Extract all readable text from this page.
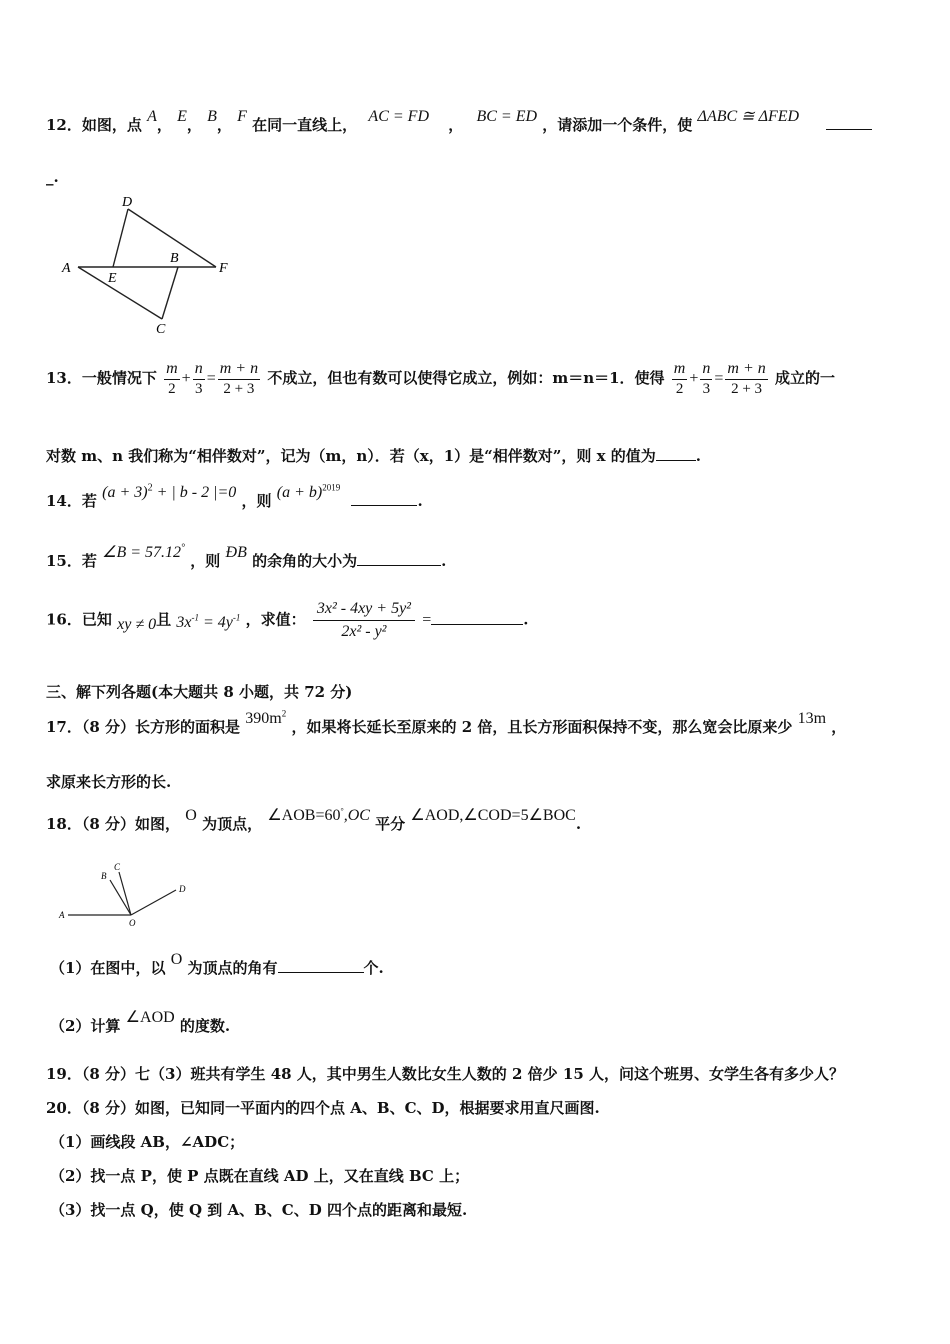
12．如图，点 A， E， B， F 在同一直线上， AC = FD ， BC = ED ，请添加一个条件，使 ΔABC ≅ ΔFED
_.
D
A
E
B
F
C
13．一般情况下 $\frac{m}{2} + \frac{n}{3} = \frac{m + n}{2 + 3}$ 不成立，但也有数可以使得它成立，例如：m＝n＝1．使得 $\frac{m}{2} + \frac{n}{3} = \frac{m + n}{2 + 3}$ 成立的一
对数 m、n 我们称为“相伴数对”，记为（m，n）．若（x，1）是“相伴数对”，则 x 的值为	.
14．若 $(a + 3)^2$ + | b - 2 |=0 ，则 $(a + b)^{2019}$ .
15．若 ∠B = 57.12° ，则 ÐB 的余角的大小为	.
16．已知 xy ≠ 0且 $3x^{-1} = 4y^{-1}$ ，求值： $\frac{\text{3x² - 4xy + 5y²}}{\text{2x² - y²}}$ =	.
三、解下列各题(本大题共 8 小题，共 72 分)
17．（8 分）长方形的面积是 $390m^2$ ，如果将长延长至原来的 2 倍，且长方形面积保持不变，那么宽会比原来少 13m ，
求原来长方形的长.
18．（8 分）如图， O 为顶点， ∠AOB=60°,OC 平分 ∠AOD,∠COD=5∠BOC.
A
B
C
D
O
（1）在图中，以 O 为顶点的角有	个.
（2）计算 ∠AOD 的度数.
19．（8 分）七（3）班共有学生 48 人，其中男生人数比女生人数的 2 倍少 15 人，问这个班男、女学生各有多少人？
20．（8 分）如图，已知同一平面内的四个点 A、B、C、D，根据要求用直尺画图.
（1）画线段 AB，∠ADC；
（2）找一点 P，使 P 点既在直线 AD 上，又在直线 BC 上；
（3）找一点 Q，使 Q 到 A、B、C、D 四个点的距离和最短.
